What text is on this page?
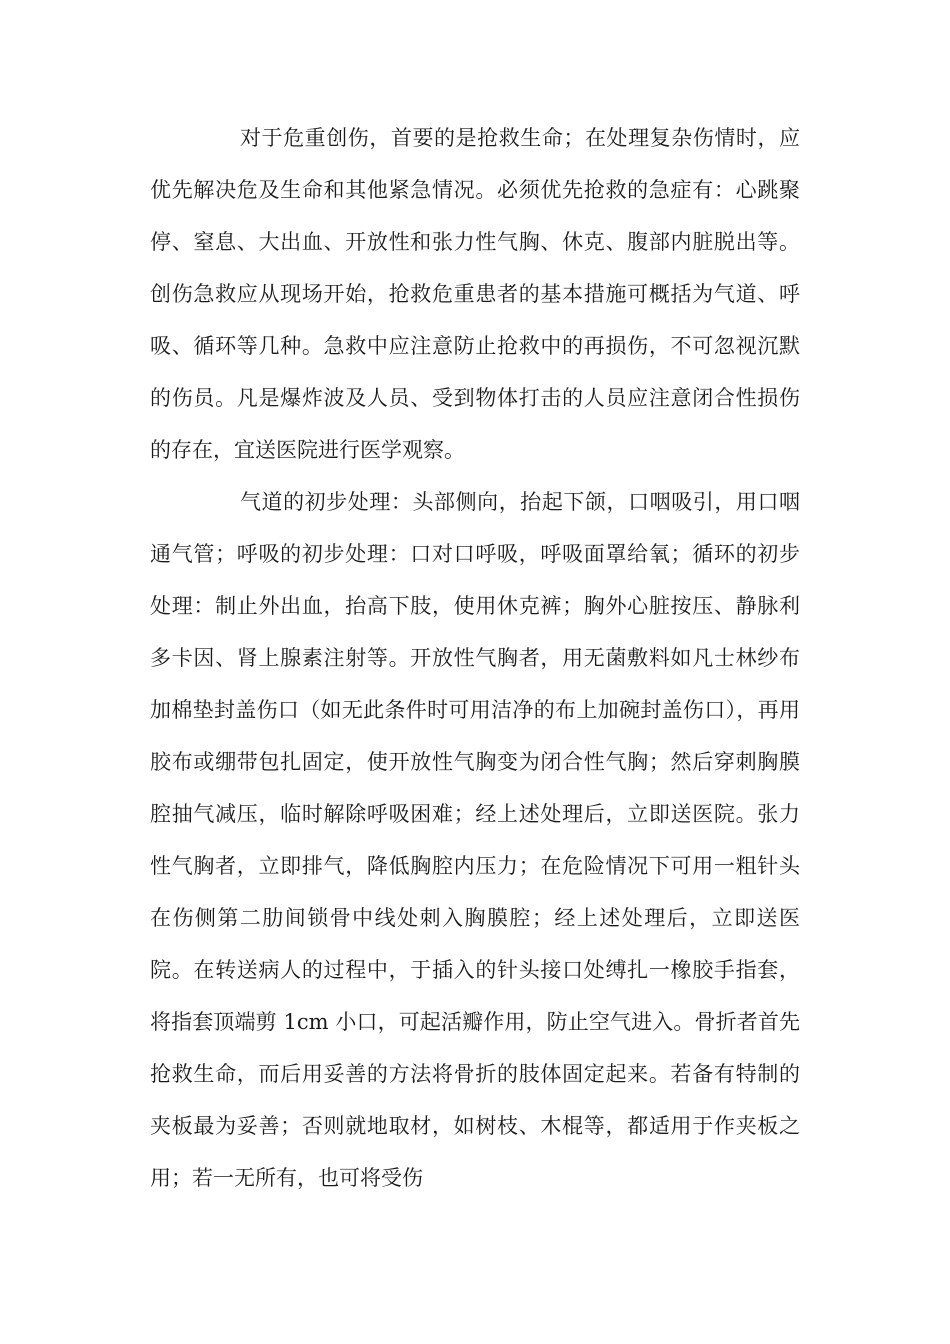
对于危重创伤，首要的是抢救生命；在处理复杂伤情时，应优先解决危及生命和其他紧急情况。必须优先抢救的急症有：心跳聚停、窒息、大出血、开放性和张力性气胸、休克、腹部内脏脱出等。创伤急救应从现场开始，抢救危重患者的基本措施可概括为气道、呼吸、循环等几种。急救中应注意防止抢救中的再损伤，不可忽视沉默的伤员。凡是爆炸波及人员、受到物体打击的人员应注意闭合性损伤的存在，宜送医院进行医学观察。

气道的初步处理：头部侧向，抬起下颌，口咽吸引，用口咽通气管；呼吸的初步处理：口对口呼吸，呼吸面罩给氧；循环的初步处理：制止外出血，抬高下肢，使用休克裤；胸外心脏按压、静脉利多卡因、肾上腺素注射等。开放性气胸者，用无菌敷料如凡士林纱布加棉垫封盖伤口（如无此条件时可用洁净的布上加碗封盖伤口），再用胶布或绷带包扎固定，使开放性气胸变为闭合性气胸；然后穿刺胸膜腔抽气减压，临时解除呼吸困难；经上述处理后，立即送医院。张力性气胸者，立即排气，降低胸腔内压力；在危险情况下可用一粗针头在伤侧第二肋间锁骨中线处刺入胸膜腔；经上述处理后，立即送医院。在转送病人的过程中，于插入的针头接口处缚扎一橡胶手指套，将指套顶端剪 1cm 小口，可起活瓣作用，防止空气进入。骨折者首先抢救生命，而后用妥善的方法将骨折的肢体固定起来。若备有特制的夹板最为妥善；否则就地取材，如树枝、木棍等，都适用于作夹板之用；若一无所有，也可将受伤
